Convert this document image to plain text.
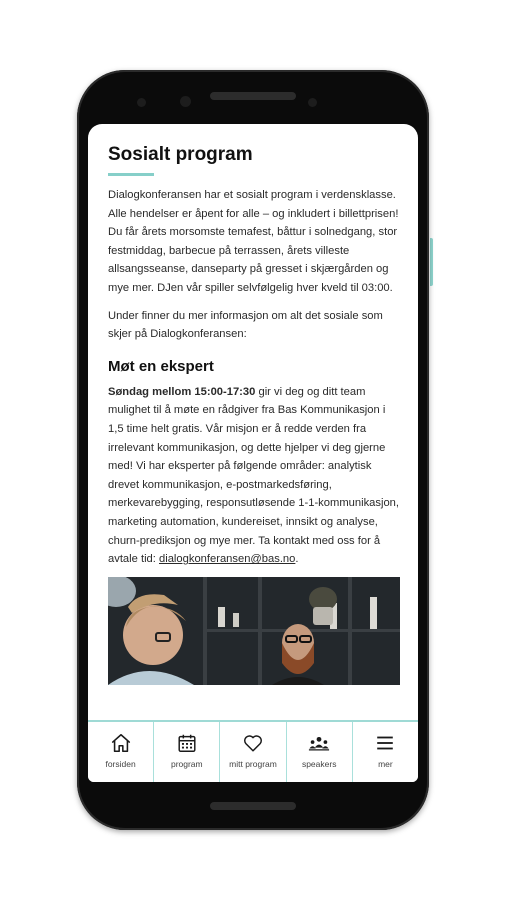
Sosialt program

Dialogkonferansen har et sosialt program i verdensklasse. Alle hendelser er åpent for alle – og inkludert i billettprisen! Du får årets morsomste temafest, båttur i solnedgang, stor festmiddag, barbecue på terrassen, årets villeste allsangsseanse, danseparty på gresset i skjærgården og mye mer. DJen vår spiller selvfølgelig hver kveld til 03:00.

Under finner du mer informasjon om alt det sosiale som skjer på Dialogkonferansen:

Møt en ekspert

Søndag mellom 15:00-17:30 gir vi deg og ditt team mulighet til å møte en rådgiver fra Bas Kommunikasjon i 1,5 time helt gratis. Vår misjon er å redde verden fra irrelevant kommunikasjon, og dette hjelper vi deg gjerne med! Vi har eksperter på følgende områder: analytisk drevet kommunikasjon, e-postmarkedsføring, merkevarebygging, responsutløsende 1-1-kommunikasjon, marketing automation, kundereiset, innsikt og analyse, churn-prediksjon og mye mer. Ta kontakt med oss for å avtale tid: dialogkonferansen@bas.no.

forsiden	program	mitt program	speakers	mer
